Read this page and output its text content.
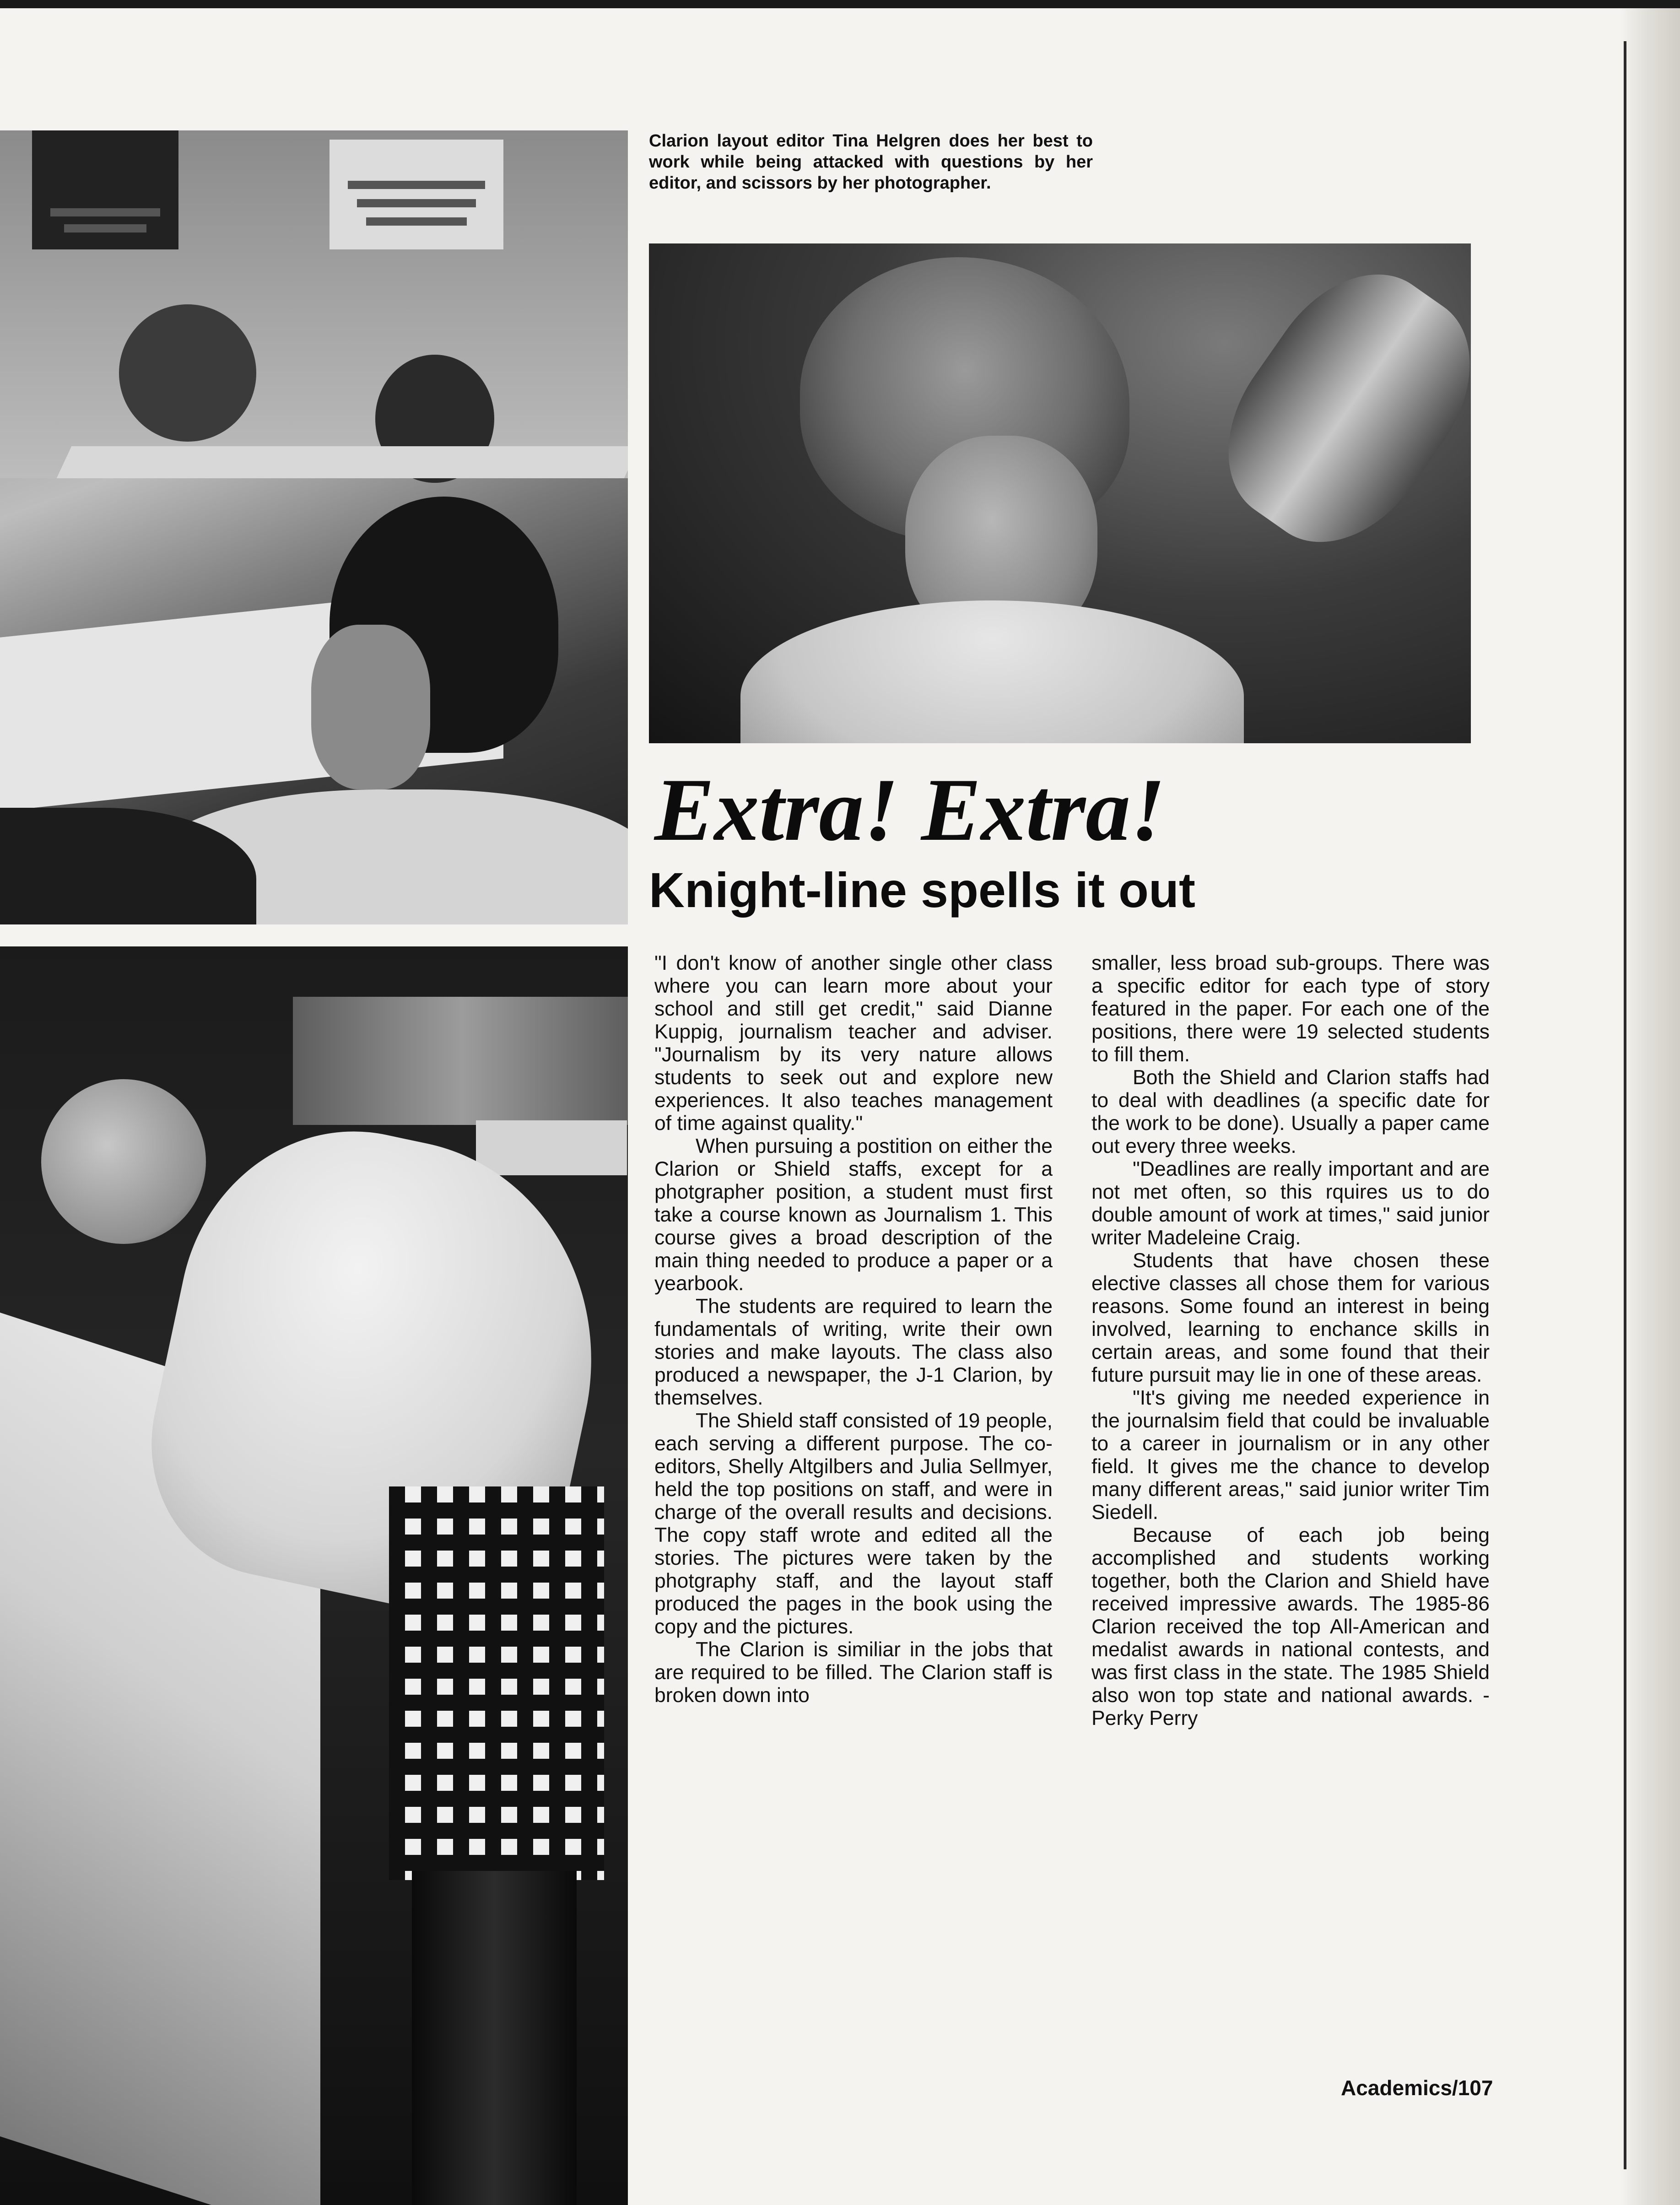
Clarion layout editor Tina Helgren does her best to work while being attacked with questions by her editor, and scissors by her photographer.

Extra! Extra!
Knight-line spells it out

"I don't know of another single other class where you can learn more about your school and still get credit," said Dianne Kuppig, journalism teacher and adviser. "Journalism by its very nature allows students to seek out and explore new experiences. It also teaches management of time against quality."

When pursuing a postition on either the Clarion or Shield staffs, except for a photgrapher position, a student must first take a course known as Journalism 1. This course gives a broad description of the main thing needed to produce a paper or a yearbook.

The students are required to learn the fundamentals of writing, write their own stories and make layouts. The class also produced a newspaper, the J-1 Clarion, by themselves.

The Shield staff consisted of 19 people, each serving a different purpose. The co-editors, Shelly Altgilbers and Julia Sellmyer, held the top positions on staff, and were in charge of the overall results and decisions. The copy staff wrote and edited all the stories. The pictures were taken by the photgraphy staff, and the layout staff produced the pages in the book using the copy and the pictures.

The Clarion is similiar in the jobs that are required to be filled. The Clarion staff is broken down into

smaller, less broad sub-groups. There was a specific editor for each type of story featured in the paper. For each one of the positions, there were 19 selected students to fill them.

Both the Shield and Clarion staffs had to deal with deadlines (a specific date for the work to be done). Usually a paper came out every three weeks.

"Deadlines are really important and are not met often, so this rquires us to do double amount of work at times," said junior writer Madeleine Craig.

Students that have chosen these elective classes all chose them for various reasons. Some found an interest in being involved, learning to enchance skills in certain areas, and some found that their future pursuit may lie in one of these areas.

"It's giving me needed experience in the journalsim field that could be invaluable to a career in journalism or in any other field. It gives me the chance to develop many different areas," said junior writer Tim Siedell.

Because of each job being accomplished and students working together, both the Clarion and Shield have received impressive awards. The 1985-86 Clarion received the top All-American and medalist awards in national contests, and was first class in the state. The 1985 Shield also won top state and national awards. -Perky Perry

Academics/107
